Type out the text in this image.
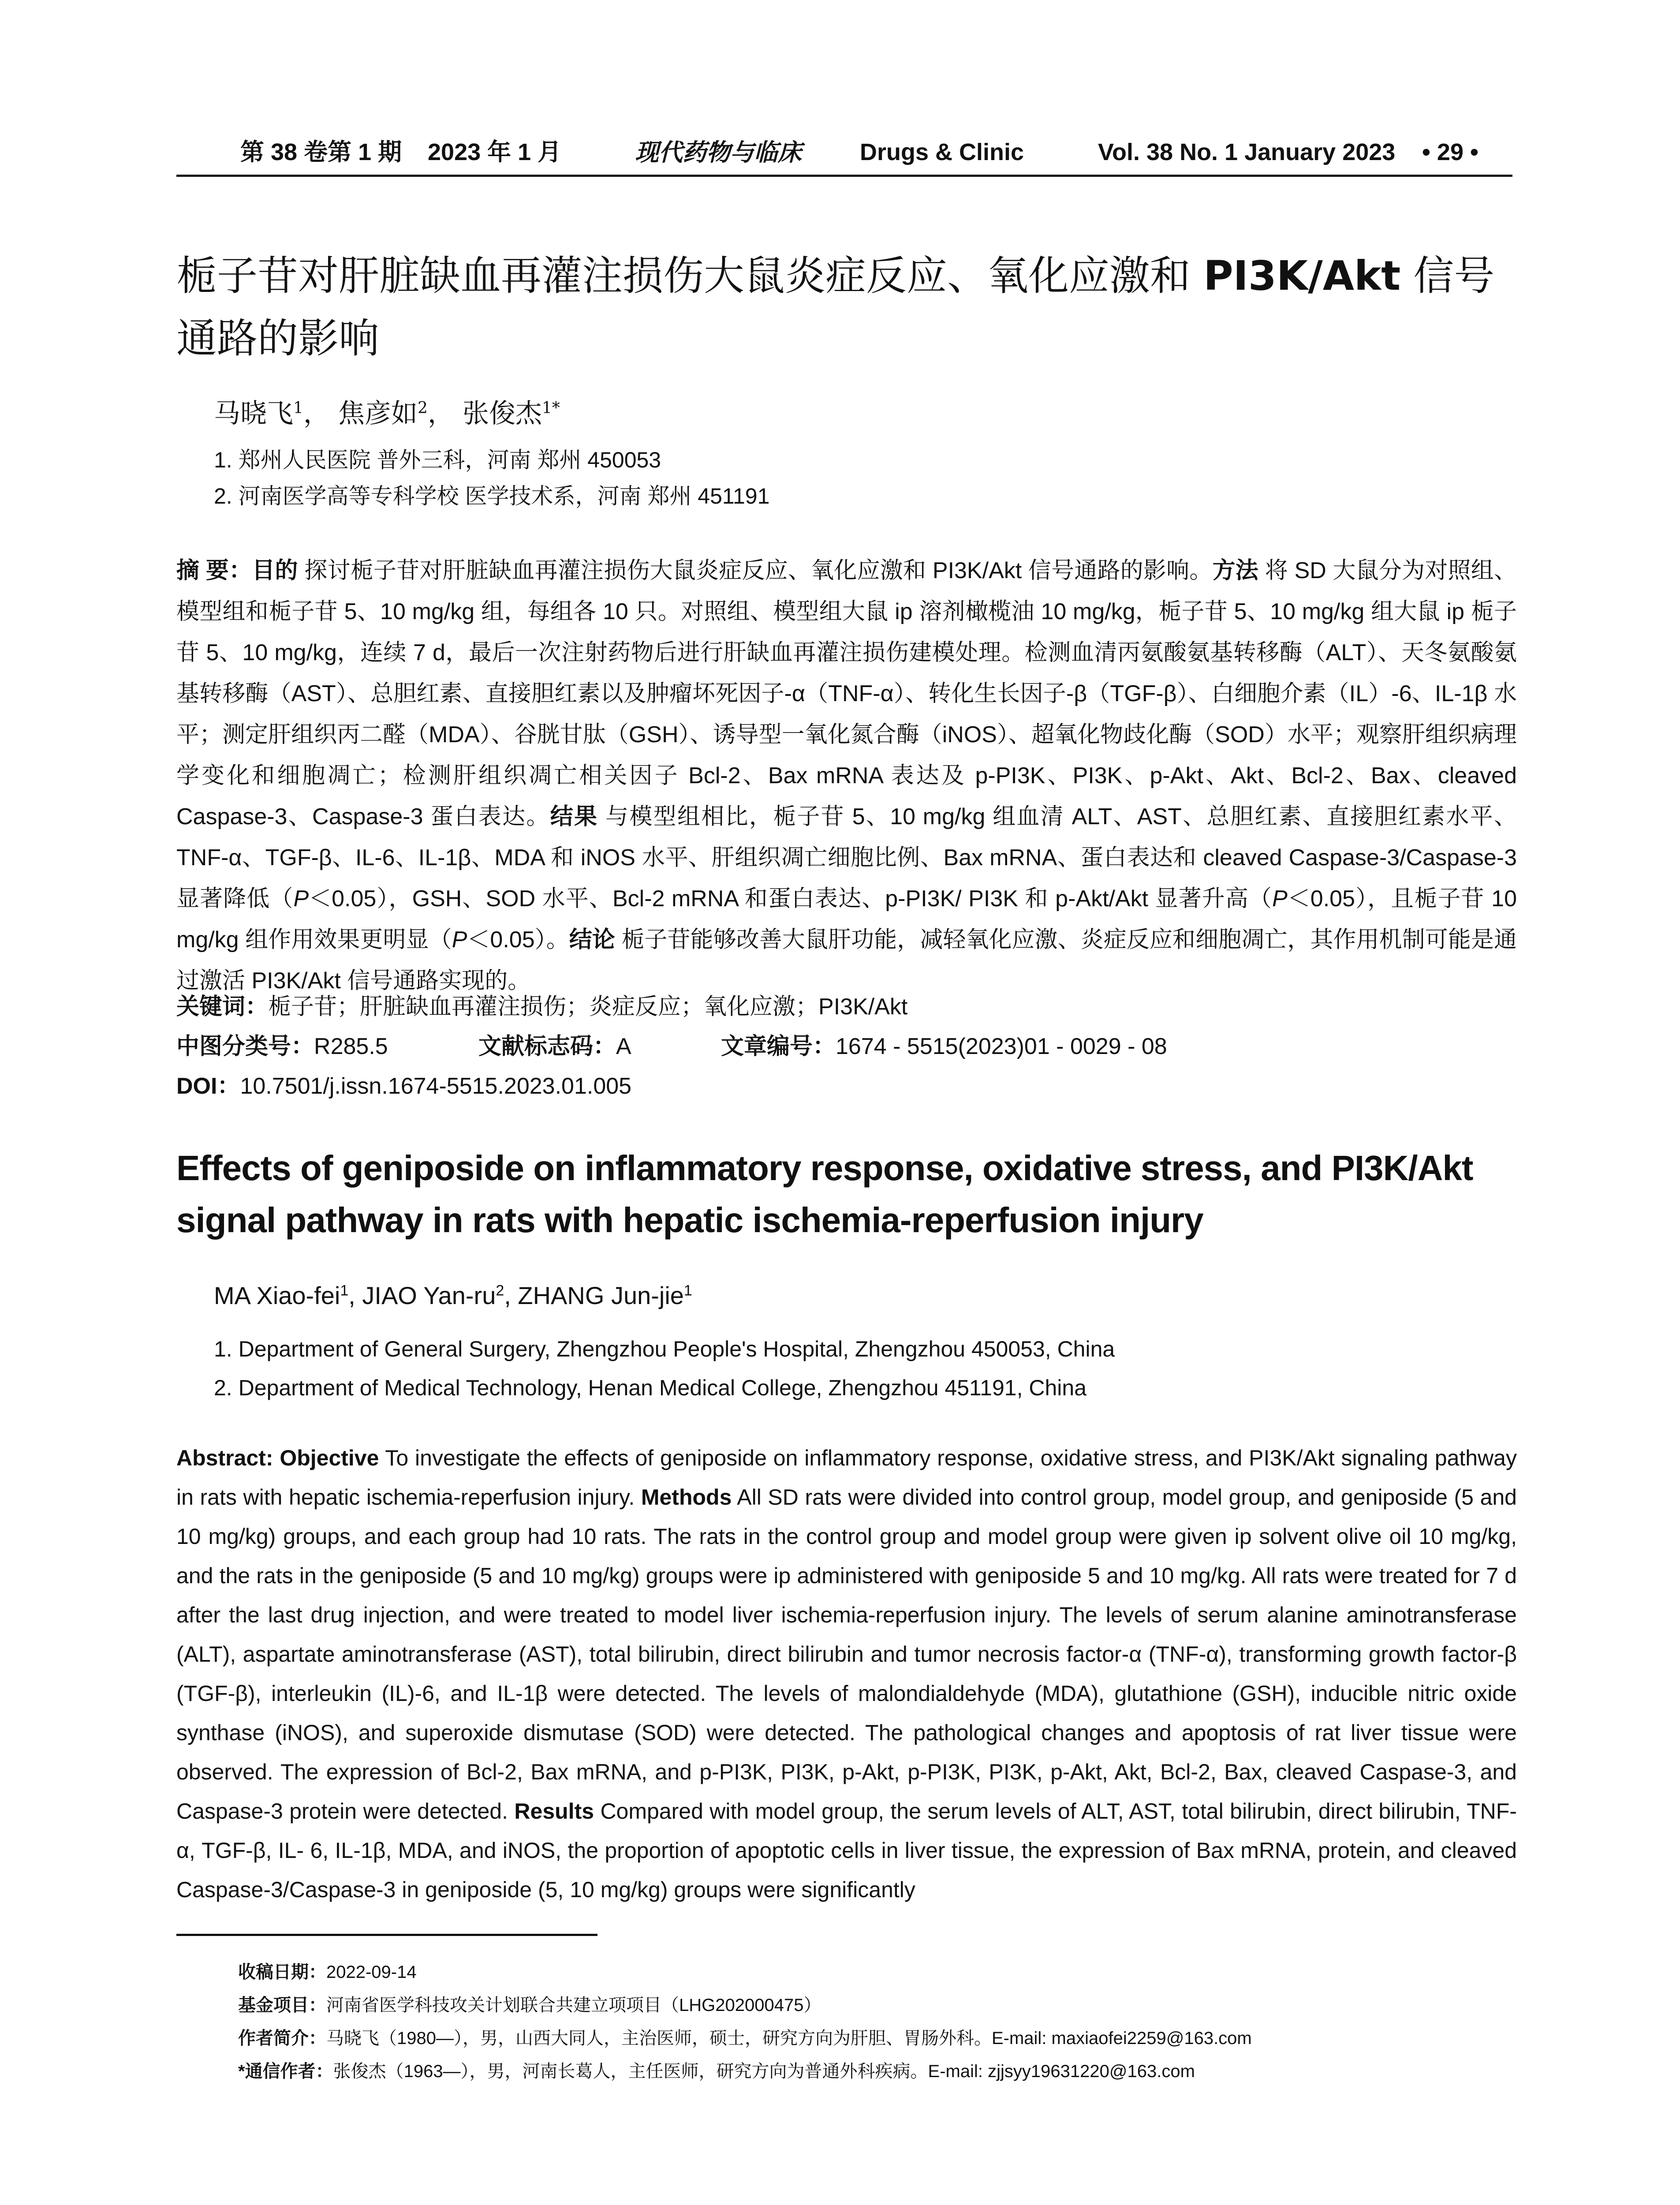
第 38 卷第 1 期 2023 年 1 月	现代药物与临床 Drugs & Clinic	Vol. 38 No. 1 January 2023 • 29 •
栀子苷对肝脏缺血再灌注损伤大鼠炎症反应、氧化应激和 PI3K/Akt 信号通路的影响
马晓飞$^1$， 焦彦如$^2$， 张俊杰$^{1*}$
1. 郑州人民医院 普外三科，河南 郑州 450053
2. 河南医学高等专科学校 医学技术系，河南 郑州 451191
摘 要：目的 探讨栀子苷对肝脏缺血再灌注损伤大鼠炎症反应、氧化应激和 PI3K/Akt 信号通路的影响。方法 将 SD 大鼠分为对照组、模型组和栀子苷 5、10 mg/kg 组，每组各 10 只。对照组、模型组大鼠 ip 溶剂橄榄油 10 mg/kg，栀子苷 5、10 mg/kg 组大鼠 ip 栀子苷 5、10 mg/kg，连续 7 d，最后一次注射药物后进行肝缺血再灌注损伤建模处理。检测血清丙氨酸氨基转移酶（ALT）、天冬氨酸氨基转移酶（AST）、总胆红素、直接胆红素以及肿瘤坏死因子-α（TNF-α）、转化生长因子-β（TGF-β）、白细胞介素（IL）-6、IL-1β 水平；测定肝组织丙二醛（MDA）、谷胱甘肽（GSH）、诱导型一氧化氮合酶（iNOS）、超氧化物歧化酶（SOD）水平；观察肝组织病理学变化和细胞凋亡；检测肝组织凋亡相关因子 Bcl-2、Bax mRNA 表达及 p-PI3K、PI3K、p-Akt、Akt、Bcl-2、Bax、cleaved Caspase-3、Caspase-3 蛋白表达。结果 与模型组相比，栀子苷 5、10 mg/kg 组血清 ALT、AST、总胆红素、直接胆红素水平、TNF-α、TGF-β、IL-6、IL-1β、MDA 和 iNOS 水平、肝组织凋亡细胞比例、Bax mRNA、蛋白表达和 cleaved Caspase-3/Caspase-3 显著降低（P＜0.05），GSH、SOD 水平、Bcl-2 mRNA 和蛋白表达、p-PI3K/ PI3K 和 p-Akt/Akt 显著升高（P＜0.05），且栀子苷 10 mg/kg 组作用效果更明显（P＜0.05）。结论 栀子苷能够改善大鼠肝功能，减轻氧化应激、炎症反应和细胞凋亡，其作用机制可能是通过激活 PI3K/Akt 信号通路实现的。
关键词：栀子苷；肝脏缺血再灌注损伤；炎症反应；氧化应激；PI3K/Akt
中图分类号：R285.5	文献标志码：A	文章编号：1674 - 5515(2023)01 - 0029 - 08
DOI：10.7501/j.issn.1674-5515.2023.01.005
Effects of geniposide on inflammatory response, oxidative stress, and PI3K/Akt signal pathway in rats with hepatic ischemia-reperfusion injury
MA Xiao-fei$^1$, JIAO Yan-$ru^2$, ZHANG Jun-jie$^1$
1. Department of General Surgery, Zhengzhou People's Hospital, Zhengzhou 450053, China
2. Department of Medical Technology, Henan Medical College, Zhengzhou 451191, China
Abstract: Objective To investigate the effects of geniposide on inflammatory response, oxidative stress, and PI3K/Akt signaling pathway in rats with hepatic ischemia-reperfusion injury. Methods All SD rats were divided into control group, model group, and geniposide (5 and 10 mg/kg) groups, and each group had 10 rats. The rats in the control group and model group were given ip solvent olive oil 10 mg/kg, and the rats in the geniposide (5 and 10 mg/kg) groups were ip administered with geniposide 5 and 10 mg/kg. All rats were treated for 7 d after the last drug injection, and were treated to model liver ischemia-reperfusion injury. The levels of serum alanine aminotransferase (ALT), aspartate aminotransferase (AST), total bilirubin, direct bilirubin and tumor necrosis factor-α (TNF-α), transforming growth factor-β (TGF-β), interleukin (IL)-6, and IL-1β were detected. The levels of malondialdehyde (MDA), glutathione (GSH), inducible nitric oxide synthase (iNOS), and superoxide dismutase (SOD) were detected. The pathological changes and apoptosis of rat liver tissue were observed. The expression of Bcl-2, Bax mRNA, and p-PI3K, PI3K, p-Akt, p-PI3K, PI3K, p-Akt, Akt, Bcl-2, Bax, cleaved Caspase-3, and Caspase-3 protein were detected. Results Compared with model group, the serum levels of ALT, AST, total bilirubin, direct bilirubin, TNF-α, TGF-β, IL- 6, IL-1β, MDA, and iNOS, the proportion of apoptotic cells in liver tissue, the expression of Bax mRNA, protein, and cleaved Caspase-3/Caspase-3 in geniposide (5, 10 mg/kg) groups were significantly
收稿日期：2022-09-14
基金项目：河南省医学科技攻关计划联合共建立项项目（LHG202000475）
作者简介：马晓飞（1980—），男，山西大同人，主治医师，硕士，研究方向为肝胆、胃肠外科。E-mail: maxiaofei2259@163.com
*通信作者：张俊杰（1963—），男，河南长葛人，主任医师，研究方向为普通外科疾病。E-mail: zjjsyy19631220@163.com
